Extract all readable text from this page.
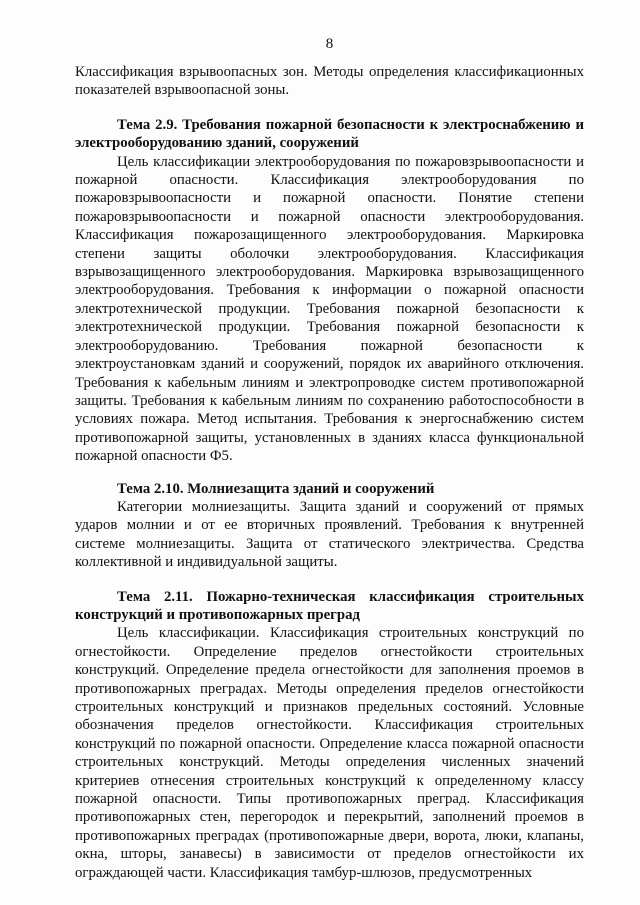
8

Классификация взрывоопасных зон. Методы определения классификационных показателей взрывоопасной зоны.

Тема 2.9. Требования пожарной безопасности к электроснабжению и электрооборудованию зданий, сооружений

Цель классификации электрооборудования по пожаровзрывоопасности и пожарной опасности. Классификация электрооборудования по пожаровзрывоопасности и пожарной опасности. Понятие степени пожаровзрывоопасности и пожарной опасности электрооборудования. Классификация пожарозащищенного электрооборудования. Маркировка степени защиты оболочки электрооборудования. Классификация взрывозащищенного электрооборудования. Маркировка взрывозащищенного электрооборудования. Требования к информации о пожарной опасности электротехнической продукции. Требования пожарной безопасности к электротехнической продукции. Требования пожарной безопасности к электрооборудованию. Требования пожарной безопасности к электроустановкам зданий и сооружений, порядок их аварийного отключения. Требования к кабельным линиям и электропроводке систем противопожарной защиты. Требования к кабельным линиям по сохранению работоспособности в условиях пожара. Метод испытания. Требования к энергоснабжению систем противопожарной защиты, установленных в зданиях класса функциональной пожарной опасности Ф5.

Тема 2.10. Молниезащита зданий и сооружений

Категории молниезащиты. Защита зданий и сооружений от прямых ударов молнии и от ее вторичных проявлений. Требования к внутренней системе молниезащиты. Защита от статического электричества. Средства коллективной и индивидуальной защиты.

Тема 2.11. Пожарно-техническая классификация строительных конструкций и противопожарных преград

Цель классификации. Классификация строительных конструкций по огнестойкости. Определение пределов огнестойкости строительных конструкций. Определение предела огнестойкости для заполнения проемов в противопожарных преградах. Методы определения пределов огнестойкости строительных конструкций и признаков предельных состояний. Условные обозначения пределов огнестойкости. Классификация строительных конструкций по пожарной опасности. Определение класса пожарной опасности строительных конструкций. Методы определения численных значений критериев отнесения строительных конструкций к определенному классу пожарной опасности. Типы противопожарных преград. Классификация противопожарных стен, перегородок и перекрытий, заполнений проемов в противопожарных преградах (противопожарные двери, ворота, люки, клапаны, окна, шторы, занавесы) в зависимости от пределов огнестойкости их ограждающей части. Классификация тамбур-шлюзов, предусмотренных
